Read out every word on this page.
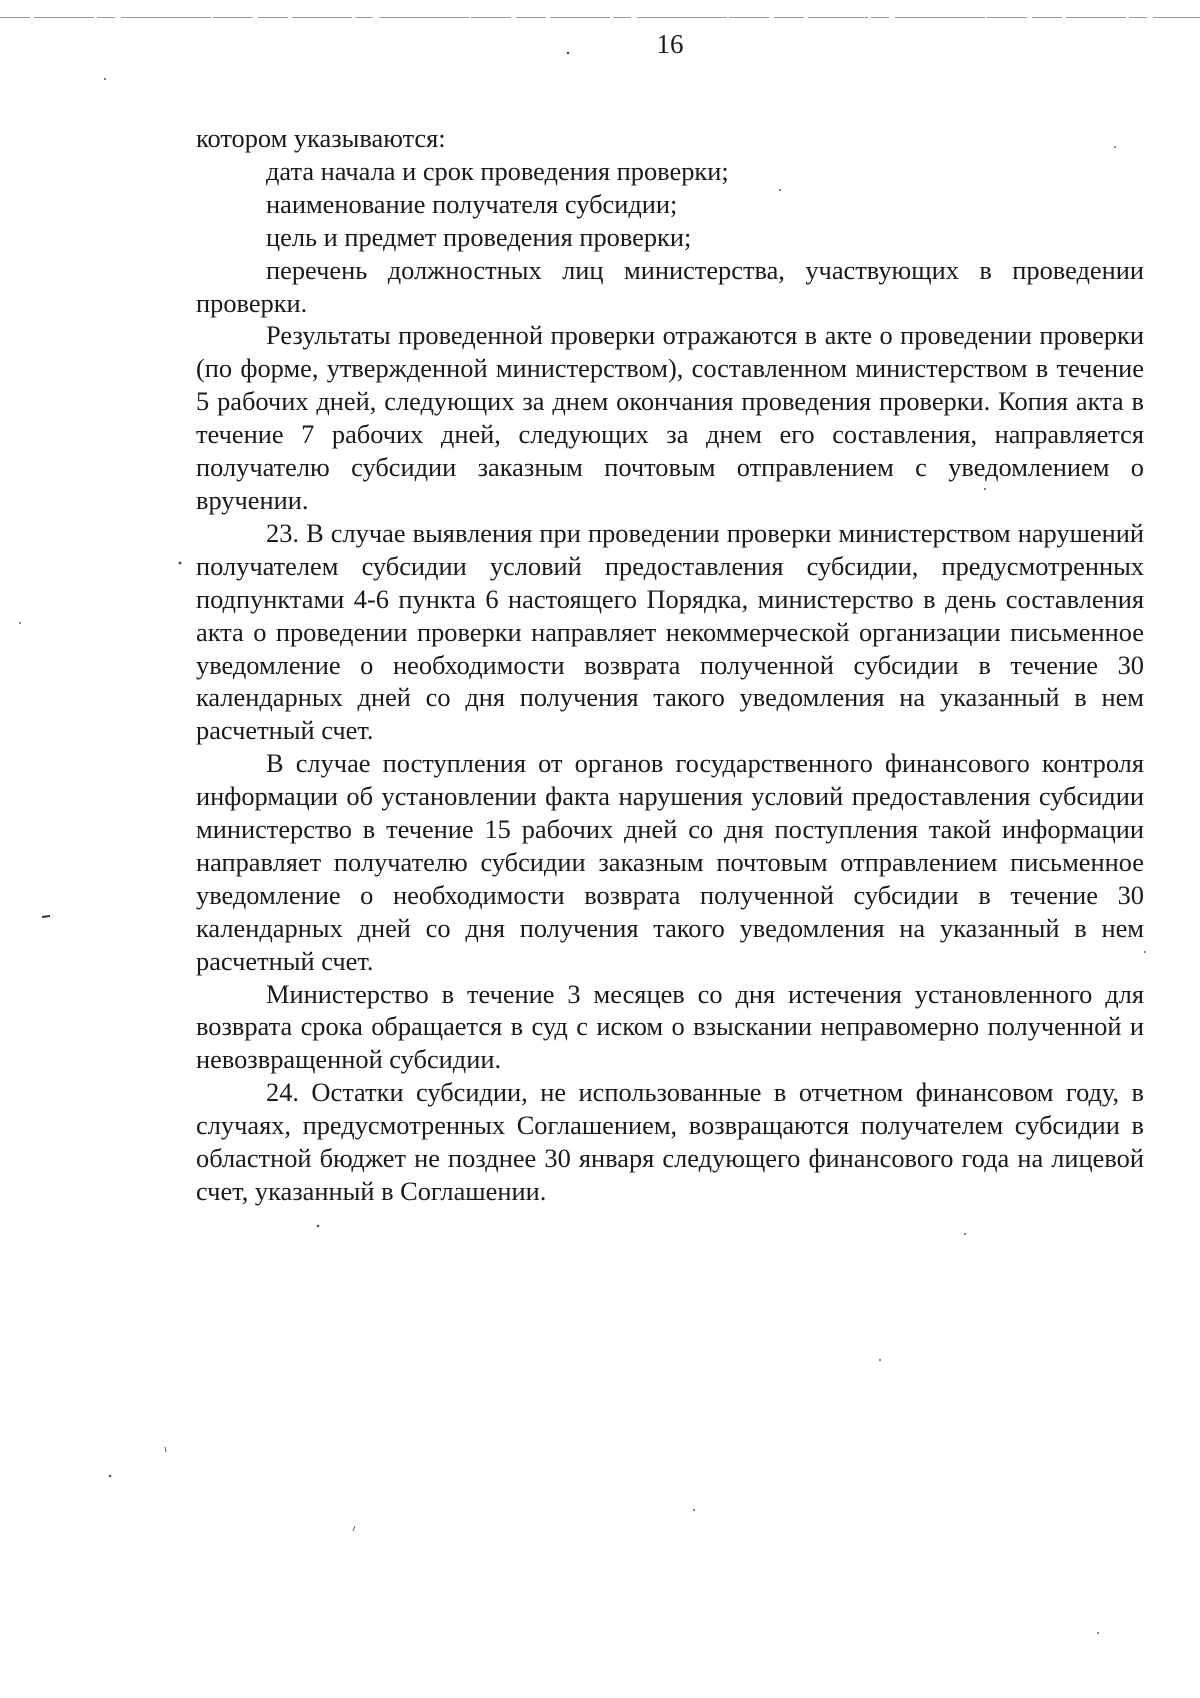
16

котором указываются:

дата начала и срок проведения проверки;

наименование получателя субсидии;

цель и предмет проведения проверки;

перечень должностных лиц министерства, участвующих в проведении проверки.

Результаты проведенной проверки отражаются в акте о проведении проверки (по форме, утвержденной министерством), составленном министерством в течение 5 рабочих дней, следующих за днем окончания проведения проверки. Копия акта в течение 7 рабочих дней, следующих за днем его составления, направляется получателю субсидии заказным почтовым отправлением с уведомлением о вручении.

23. В случае выявления при проведении проверки министерством нарушений получателем субсидии условий предоставления субсидии, предусмотренных подпунктами 4-6 пункта 6 настоящего Порядка, министерство в день составления акта о проведении проверки направляет некоммерческой организации письменное уведомление о необходимости возврата полученной субсидии в течение 30 календарных дней со дня получения такого уведомления на указанный в нем расчетный счет.

В случае поступления от органов государственного финансового контроля информации об установлении факта нарушения условий предоставления субсидии министерство в течение 15 рабочих дней со дня поступления такой информации направляет получателю субсидии заказным почтовым отправлением письменное уведомление о необходимости возврата полученной субсидии в течение 30 календарных дней со дня получения такого уведомления на указанный в нем расчетный счет.

Министерство в течение 3 месяцев со дня истечения установленного для возврата срока обращается в суд с иском о взыскании неправомерно полученной и невозвращенной субсидии.

24. Остатки субсидии, не использованные в отчетном финансовом году, в случаях, предусмотренных Соглашением, возвращаются получателем субсидии в областной бюджет не позднее 30 января следующего финансового года на лицевой счет, указанный в Соглашении.
